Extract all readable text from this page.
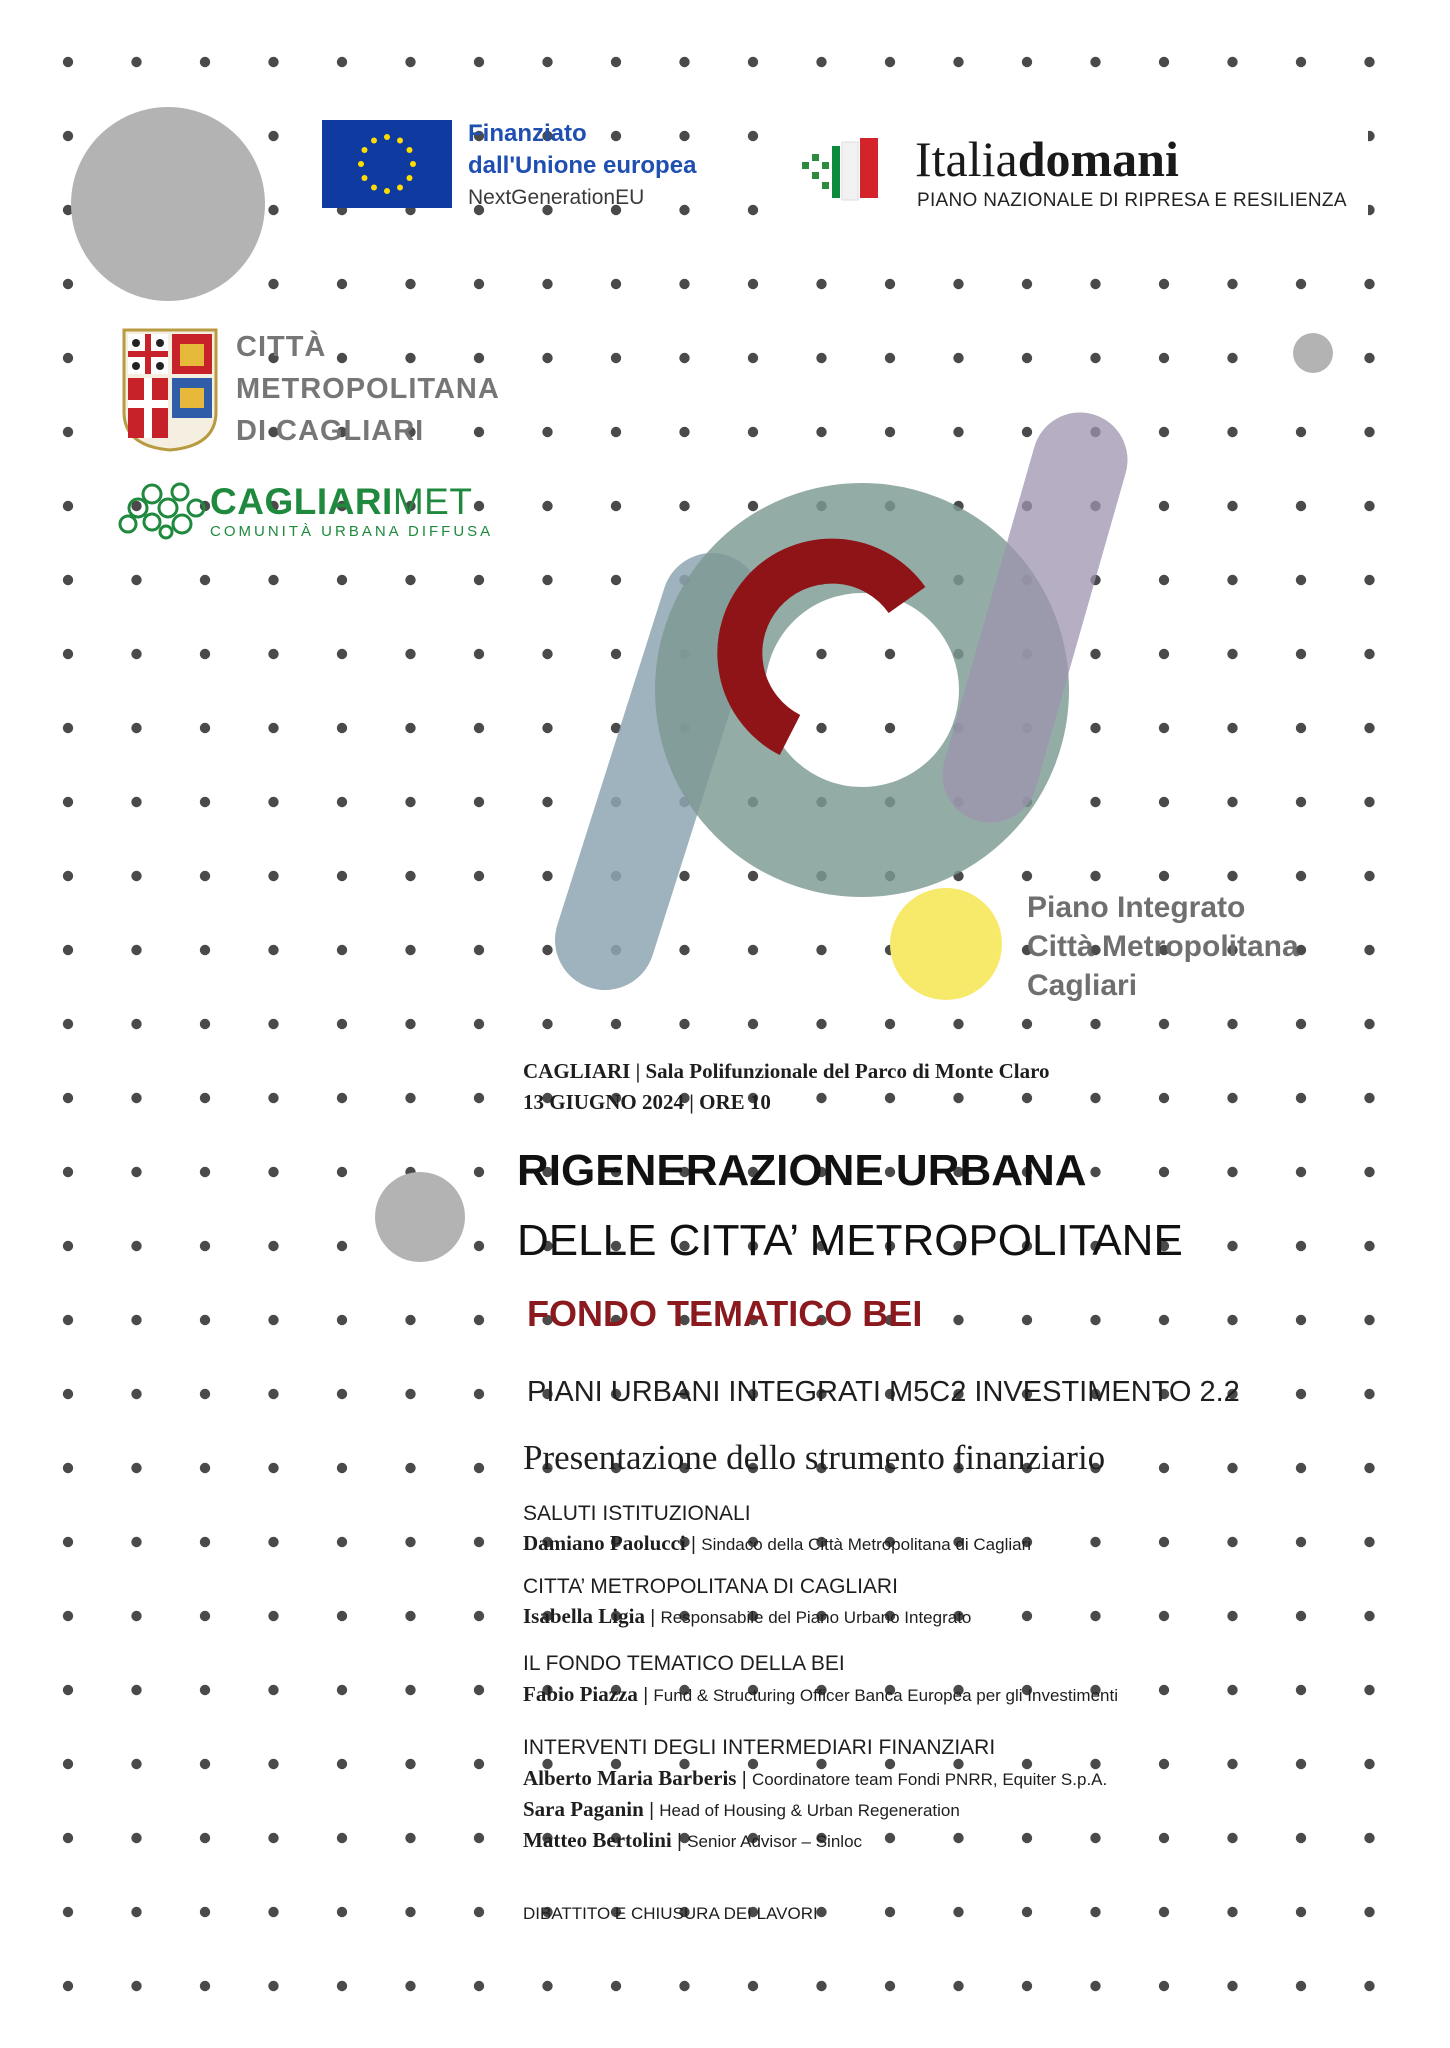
Finanziato
dall'Unione europea
NextGenerationEU
Italiadomani
PIANO NAZIONALE DI RIPRESA E RESILIENZA
CITTÀ
METROPOLITANA
DI CAGLIARI
CAGLIARIMET
COMUNITÀ URBANA DIFFUSA
Piano Integrato
Città Metropolitana
Cagliari
CAGLIARI | Sala Polifunzionale del Parco di Monte Claro
13 GIUGNO 2024 | ORE 10
RIGENERAZIONE URBANA
DELLE CITTA’ METROPOLITANE
FONDO TEMATICO BEI
PIANI URBANI INTEGRATI M5C2 INVESTIMENTO 2.2
Presentazione dello strumento finanziario
SALUTI ISTITUZIONALI
Damiano Paolucci | Sindaco della Città Metropolitana di Cagliari
CITTA’ METROPOLITANA DI CAGLIARI
Isabella Ligia | Responsabile del Piano Urbano Integrato
IL FONDO TEMATICO DELLA BEI
Fabio Piazza | Fund & Structuring Officer Banca Europea per gli Investimenti
INTERVENTI DEGLI INTERMEDIARI FINANZIARI
Alberto Maria Barberis | Coordinatore team Fondi PNRR, Equiter S.p.A.
Sara Paganin | Head of Housing & Urban Regeneration
Matteo Bertolini | Senior Advisor – Sinloc
DIBATTITO E CHIUSURA DEI LAVORI
